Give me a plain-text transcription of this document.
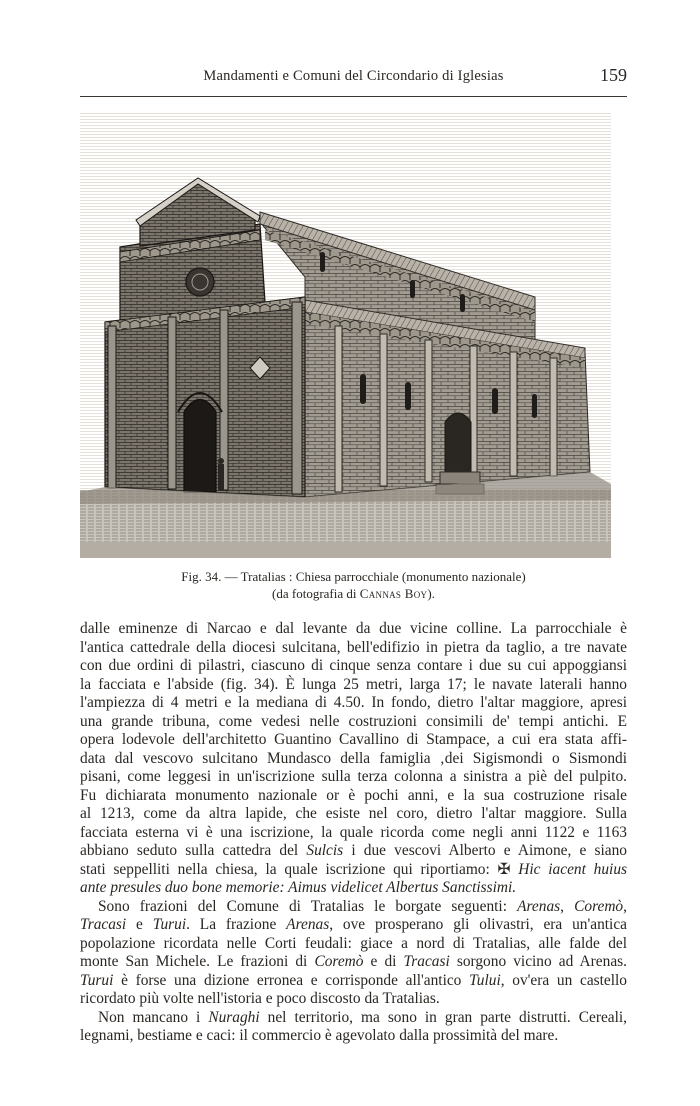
Mandamenti e Comuni del Circondario di Iglesias	159
Fig. 34. — Tratalias : Chiesa parrocchiale (monumento nazionale)
(da fotografia di Cannas Boy).
dalle eminenze di Narcao e dal levante da due vicine colline. La parrocchiale è
l'antica cattedrale della diocesi sulcitana, bell'edifizio in pietra da taglio, a tre navate
con due ordini di pilastri, ciascuno di cinque senza contare i due su cui appoggiansi
la facciata e l'abside (fig. 34). È lunga 25 metri, larga 17; le navate laterali hanno
l'ampiezza di 4 metri e la mediana di 4.50. In fondo, dietro l'altar maggiore, apresi
una grande tribuna, come vedesi nelle costruzioni consimili de' tempi antichi. E
opera lodevole dell'architetto Guantino Cavallino di Stampace, a cui era stata affi-
data dal vescovo sulcitano Mundasco della famiglia ‚dei Sigismondi o Sismondi
pisani, come leggesi in un'iscrizione sulla terza colonna a sinistra a piè del pulpito.
Fu dichiarata monumento nazionale or è pochi anni, e la sua costruzione risale
al 1213, come da altra lapide, che esiste nel coro, dietro l'altar maggiore. Sulla
facciata esterna vi è una iscrizione, la quale ricorda come negli anni 1122 e 1163
abbiano seduto sulla cattedra del Sulcis i due vescovi Alberto e Aimone, e siano
stati seppelliti nella chiesa, la quale iscrizione qui riportiamo: ✠ Hic iacent huius
ante presules duo bone memorie: Aimus videlicet Albertus Sanctissimi.
Sono frazioni del Comune di Tratalias le borgate seguenti: Arenas, Coremò,
Tracasi e Turui. La frazione Arenas, ove prosperano gli olivastri, era un'antica
popolazione ricordata nelle Corti feudali: giace a nord di Tratalias, alle falde del
monte San Michele. Le frazioni di Coremò e di Tracasi sorgono vicino ad Arenas.
Turui è forse una dizione erronea e corrisponde all'antico Tului, ov'era un castello
ricordato più volte nell'istoria e poco discosto da Tratalias.
Non mancano i Nuraghi nel territorio, ma sono in gran parte distrutti. Cereali,
legnami, bestiame e caci: il commercio è agevolato dalla prossimità del mare.
